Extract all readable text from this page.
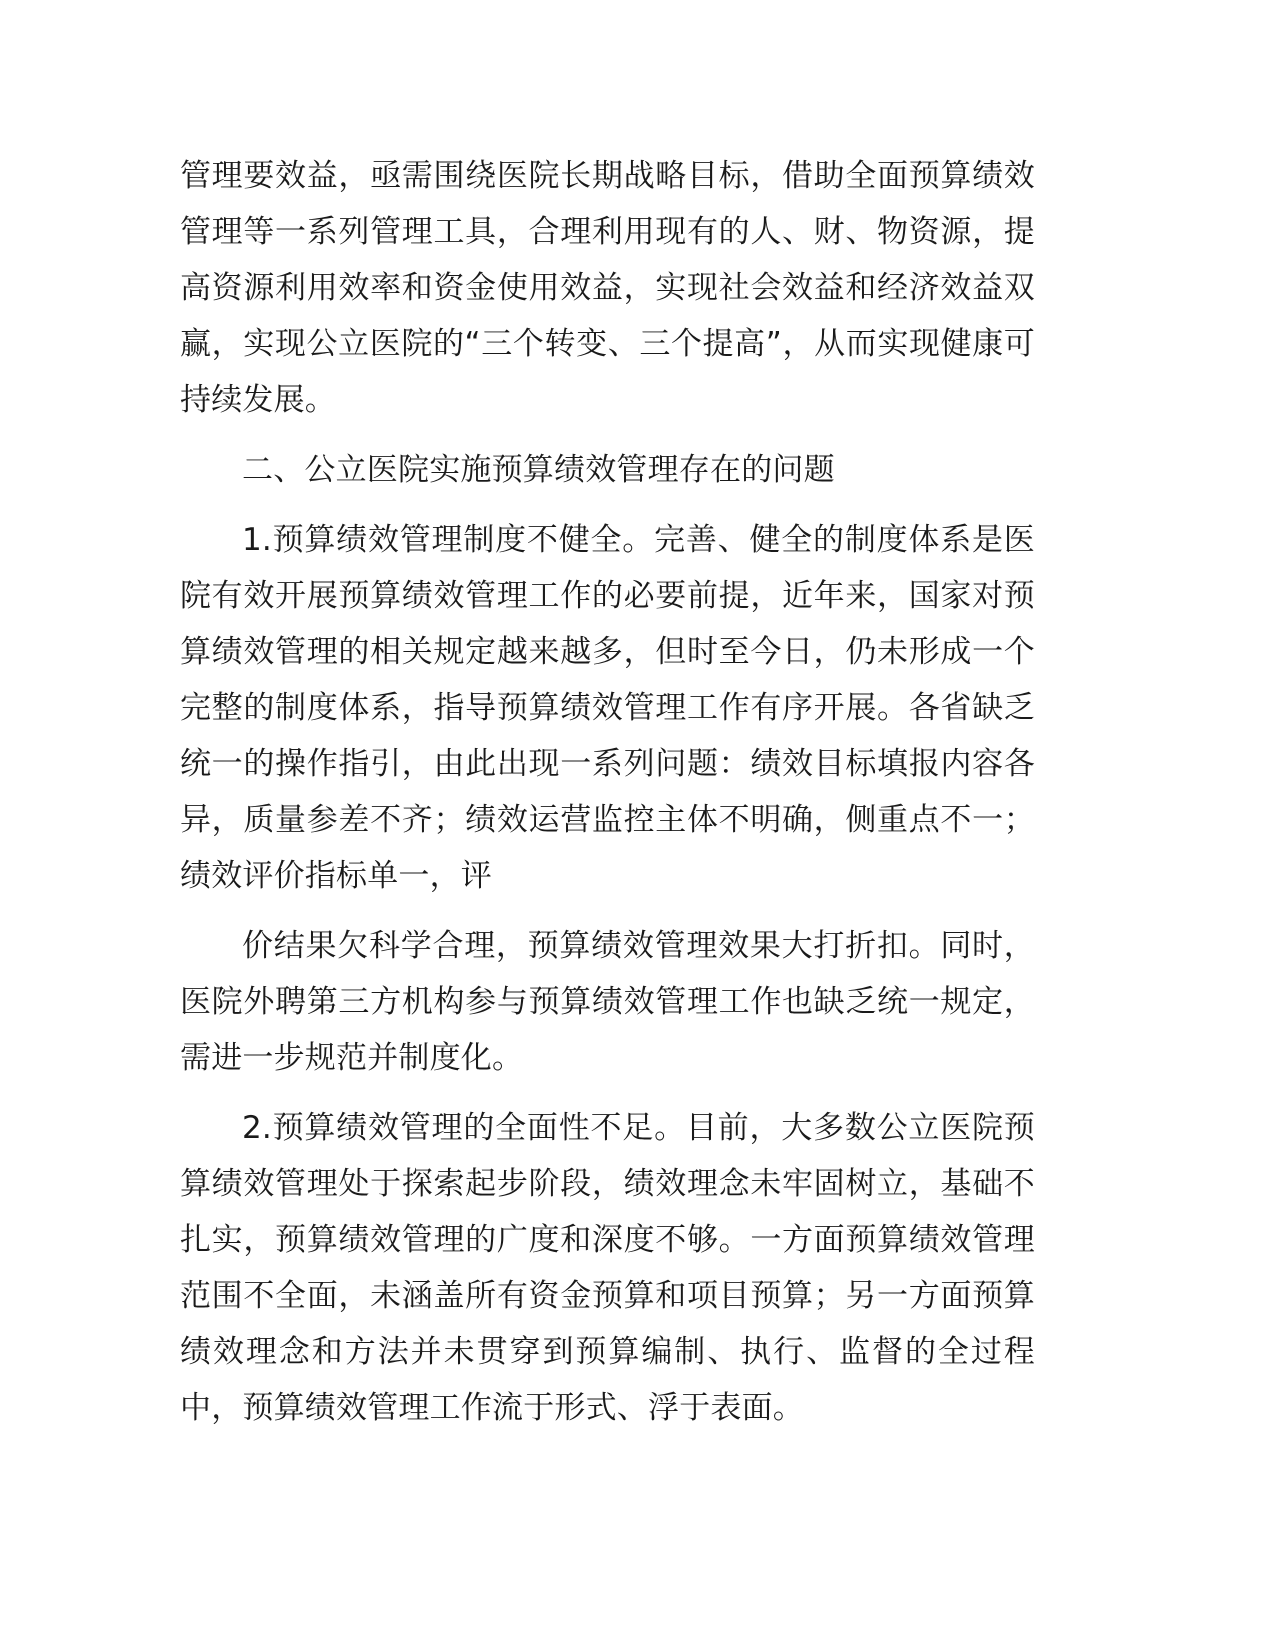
管理要效益，亟需围绕医院长期战略目标，借助全面预算绩效管理等一系列管理工具，合理利用现有的人、财、物资源，提高资源利用效率和资金使用效益，实现社会效益和经济效益双赢，实现公立医院的“三个转变、三个提高”，从而实现健康可持续发展。

二、公立医院实施预算绩效管理存在的问题

1.预算绩效管理制度不健全。完善、健全的制度体系是医院有效开展预算绩效管理工作的必要前提，近年来，国家对预算绩效管理的相关规定越来越多，但时至今日，仍未形成一个完整的制度体系，指导预算绩效管理工作有序开展。各省缺乏统一的操作指引，由此出现一系列问题：绩效目标填报内容各异，质量参差不齐；绩效运营监控主体不明确，侧重点不一；绩效评价指标单一，评

价结果欠科学合理，预算绩效管理效果大打折扣。同时，医院外聘第三方机构参与预算绩效管理工作也缺乏统一规定，需进一步规范并制度化。

2.预算绩效管理的全面性不足。目前，大多数公立医院预算绩效管理处于探索起步阶段，绩效理念未牢固树立，基础不扎实，预算绩效管理的广度和深度不够。一方面预算绩效管理范围不全面，未涵盖所有资金预算和项目预算；另一方面预算绩效理念和方法并未贯穿到预算编制、执行、监督的全过程中，预算绩效管理工作流于形式、浮于表面。
